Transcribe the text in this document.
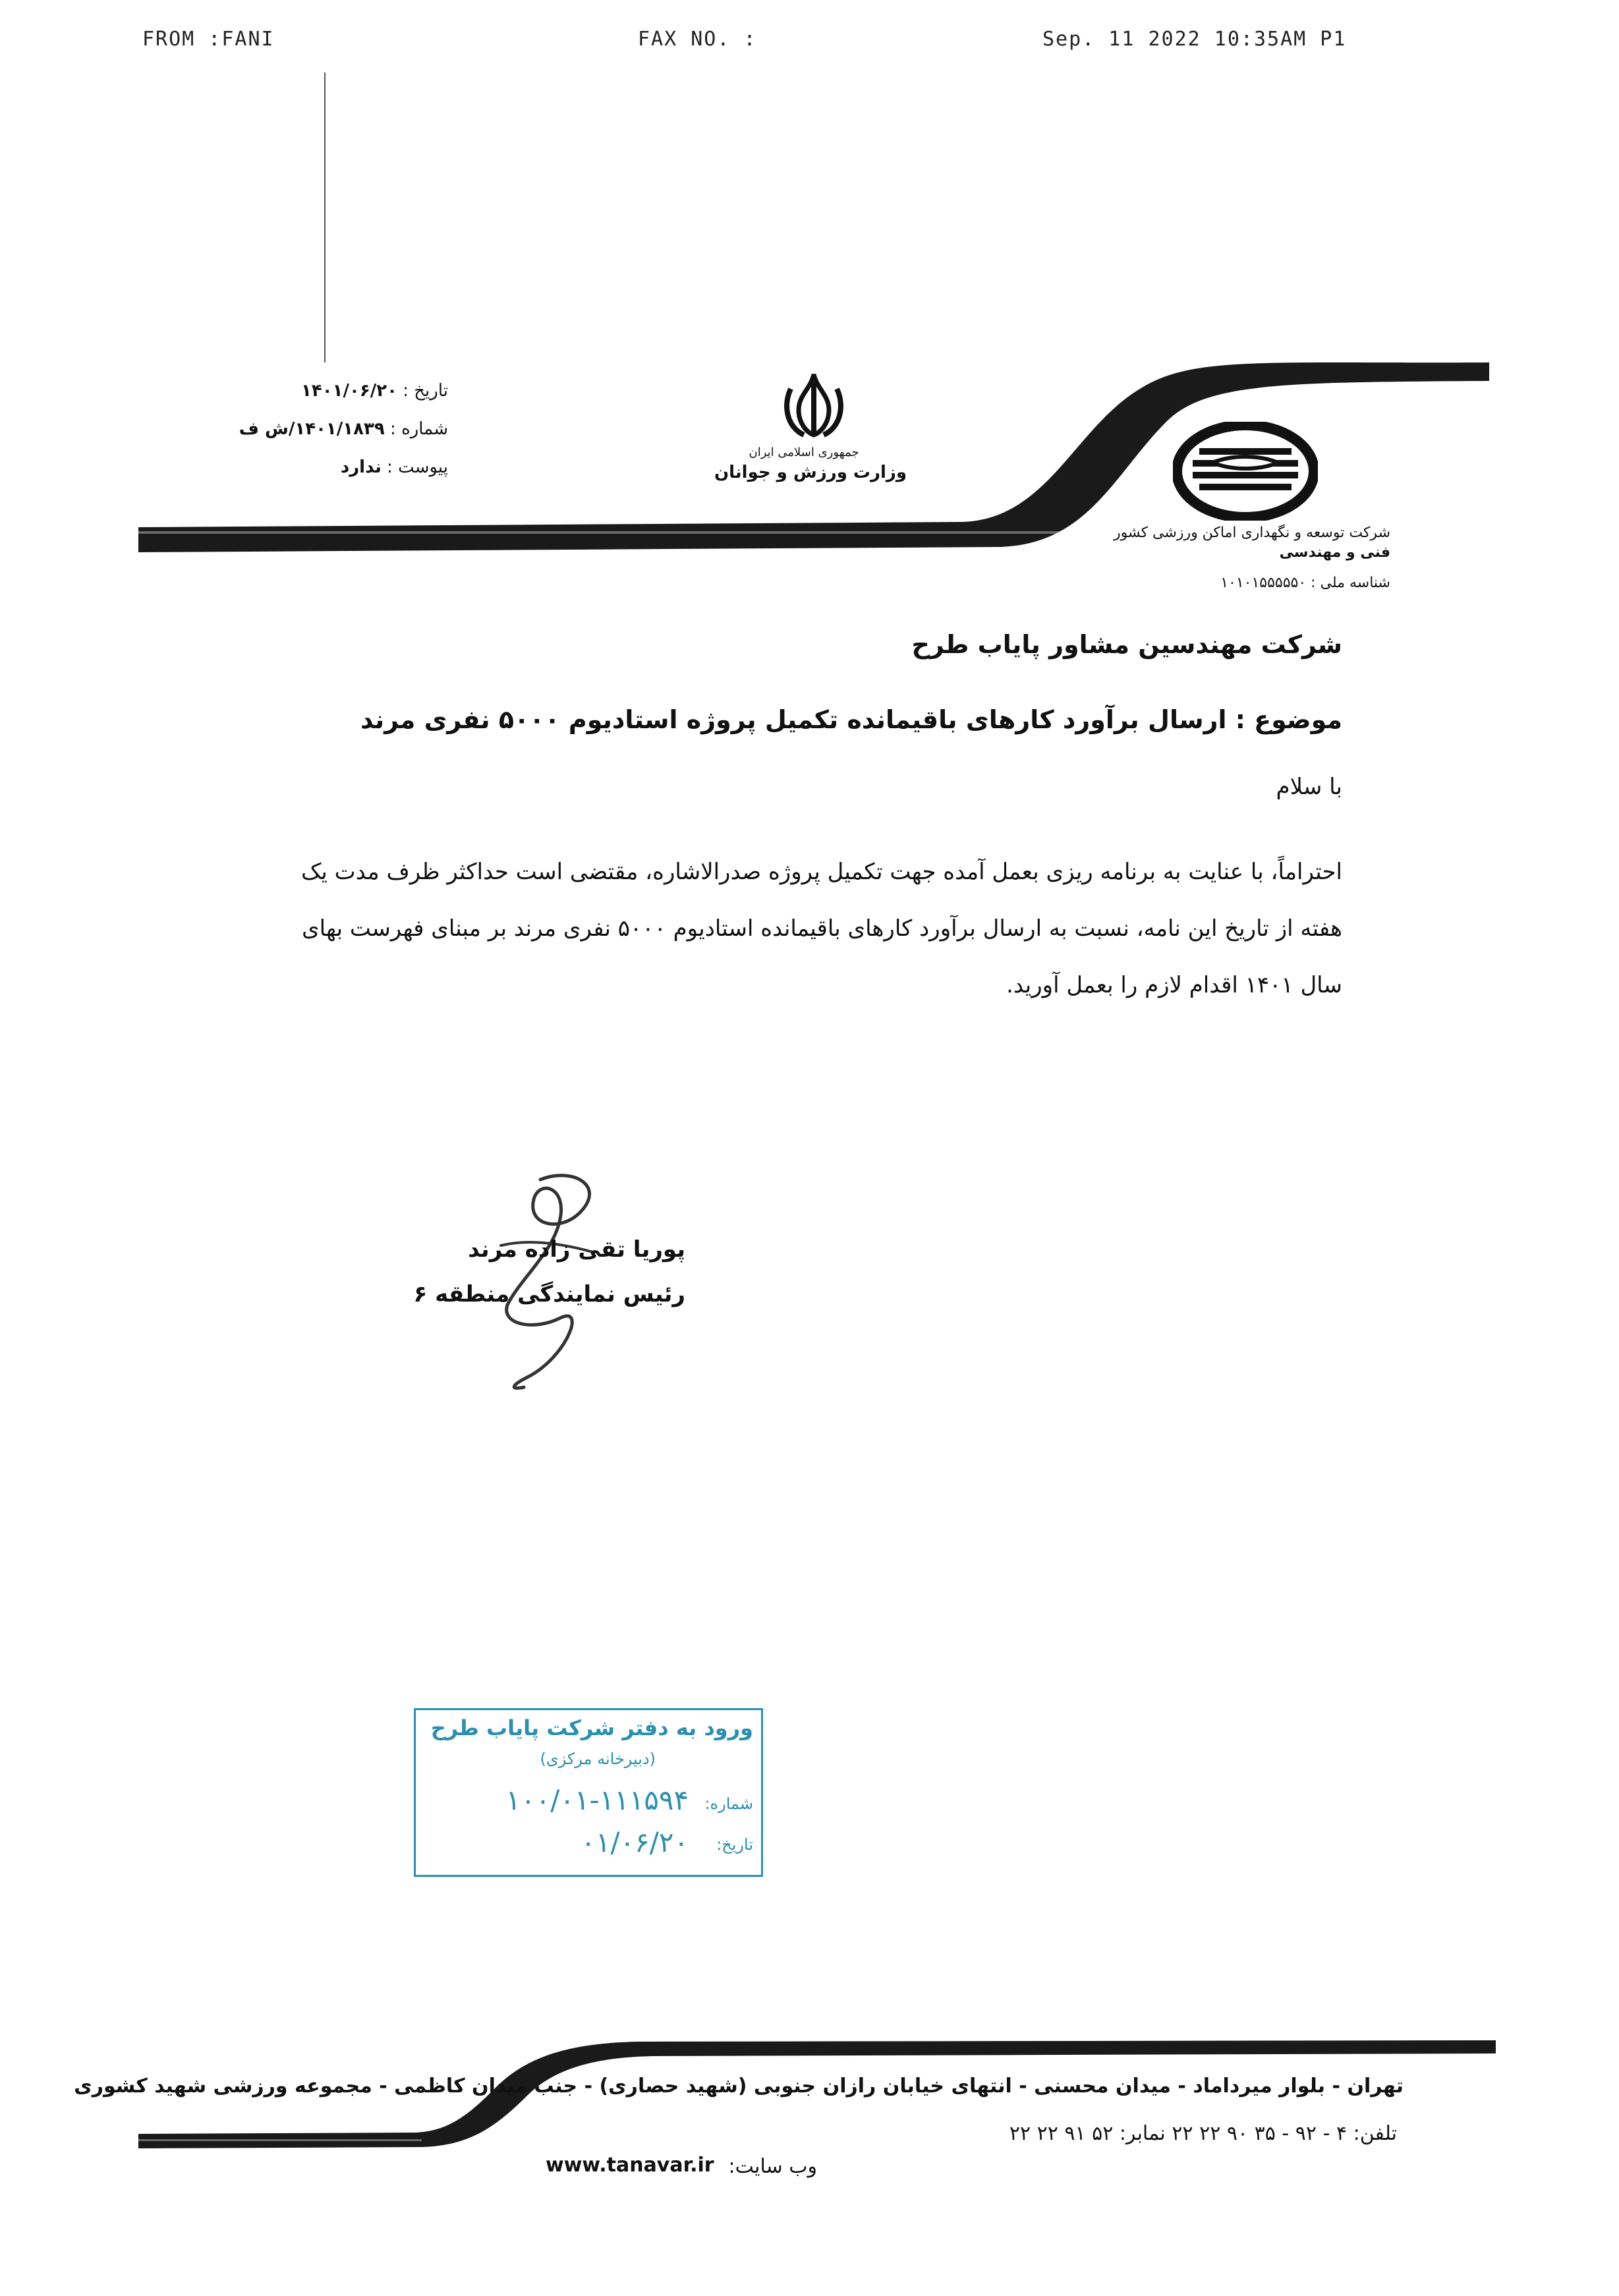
FROM :FANI	FAX NO. :	Sep. 11 2022 10:35AM P1
تاریخ : ۱۴۰۱/۰۶/۲۰
شماره : ۱۴۰۱/۱۸۳۹/ش ف
پیوست : ندارد
جمهوری اسلامی ایران
وزارت ورزش و جوانان
شرکت توسعه و نگهداری اماکن ورزشی کشور
فنی و مهندسی
شناسه ملی : ۱۰۱۰۱۵۵۵۵۵۰
شرکت مهندسین مشاور پایاب طرح
موضوع : ارسال برآورد کارهای باقیمانده تکمیل پروژه استادیوم ۵۰۰۰ نفری مرند
با سلام
احتراماً، با عنایت به برنامه ریزی بعمل آمده جهت تکمیل پروژه صدرالاشاره، مقتضی است حداکثر ظرف مدت یک هفته از تاریخ این نامه، نسبت به ارسال برآورد کارهای باقیمانده استادیوم ۵۰۰۰ نفری مرند بر مبنای فهرست بهای سال ۱۴۰۱ اقدام لازم را بعمل آورید.
پوریا تقی زاده مرند
رئیس نمایندگی منطقه ۶
ورود به دفتر شرکت پایاب طرح
(دبیرخانه مرکزی)
شماره:
۱۰۰/۰۱-۱۱۱۵۹۴
تاریخ:
۰۱/۰۶/۲۰
تهران - بلوار میرداماد - میدان محسنی - انتهای خیابان رازان جنوبی (شهید حصاری) - جنب میدان کاظمی - مجموعه ورزشی شهید کشوری
تلفن: ۴ - ۹۲ - ۳۵ ۹۰ ۲۲ ۲۲ نمابر: ۵۲ ۹۱ ۲۲ ۲۲
وب سایت:
www.tanavar.ir
